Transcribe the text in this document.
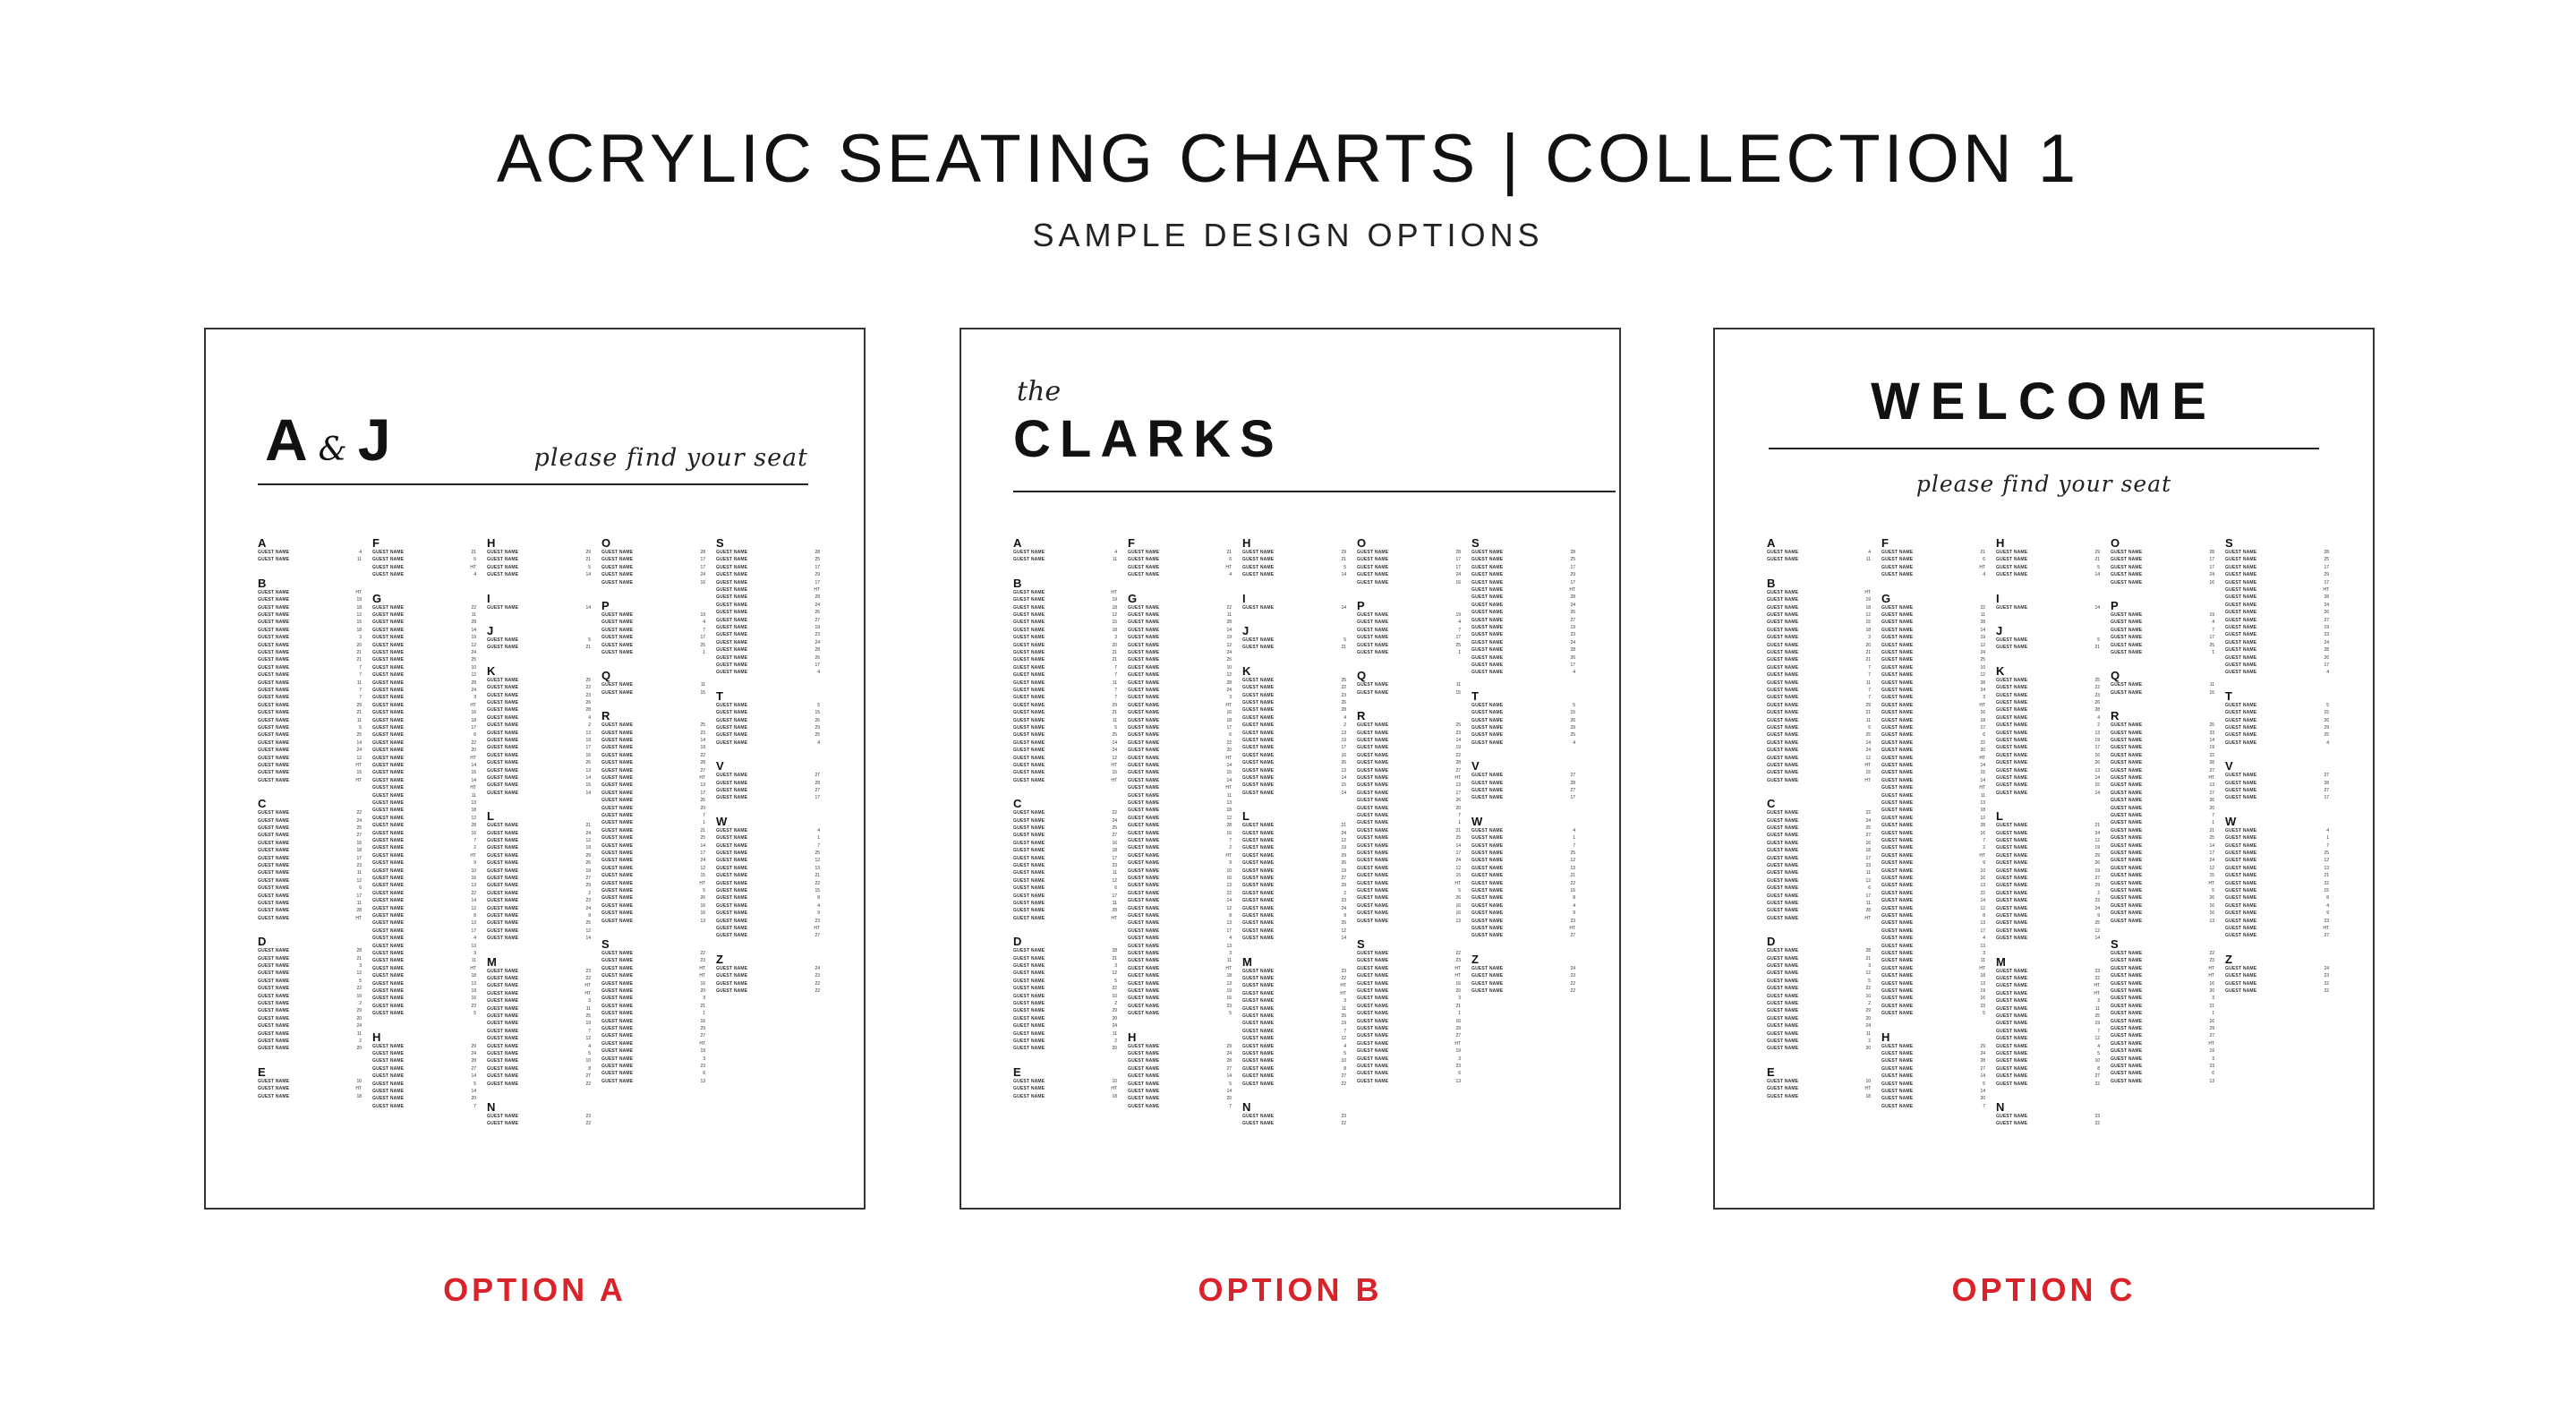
ACRYLIC SEATING CHARTS | COLLECTION 1
SAMPLE DESIGN OPTIONS
A & J	please find your seat
A
GUEST NAME	4
GUEST NAME	11
B
GUEST NAME	HT
GUEST NAME	19
GUEST NAME	18
GUEST NAME	12
GUEST NAME	15
GUEST NAME	18
GUEST NAME	3
GUEST NAME	20
GUEST NAME	21
GUEST NAME	21
GUEST NAME	7
GUEST NAME	7
GUEST NAME	11
GUEST NAME	7
GUEST NAME	7
GUEST NAME	29
GUEST NAME	21
GUEST NAME	11
GUEST NAME	5
GUEST NAME	25
GUEST NAME	14
GUEST NAME	24
GUEST NAME	12
GUEST NAME	HT
GUEST NAME	15
GUEST NAME	HT
C
GUEST NAME	22
GUEST NAME	24
GUEST NAME	25
GUEST NAME	27
GUEST NAME	16
GUEST NAME	18
GUEST NAME	17
GUEST NAME	23
GUEST NAME	11
GUEST NAME	12
GUEST NAME	6
GUEST NAME	17
GUEST NAME	11
GUEST NAME	28
GUEST NAME	HT
D
GUEST NAME	28
GUEST NAME	21
GUEST NAME	3
GUEST NAME	12
GUEST NAME	5
GUEST NAME	22
GUEST NAME	10
GUEST NAME	2
GUEST NAME	29
GUEST NAME	20
GUEST NAME	24
GUEST NAME	11
GUEST NAME	2
GUEST NAME	20
E
GUEST NAME	10
GUEST NAME	HT
GUEST NAME	18
F
GUEST NAME	21
GUEST NAME	6
GUEST NAME	HT
GUEST NAME	4
G
GUEST NAME	22
GUEST NAME	11
GUEST NAME	28
GUEST NAME	14
GUEST NAME	19
GUEST NAME	12
GUEST NAME	24
GUEST NAME	25
GUEST NAME	10
GUEST NAME	12
GUEST NAME	28
GUEST NAME	24
GUEST NAME	3
GUEST NAME	HT
GUEST NAME	16
GUEST NAME	18
GUEST NAME	17
GUEST NAME	6
GUEST NAME	22
GUEST NAME	20
GUEST NAME	HT
GUEST NAME	14
GUEST NAME	15
GUEST NAME	14
GUEST NAME	HT
GUEST NAME	11
GUEST NAME	13
GUEST NAME	18
GUEST NAME	12
GUEST NAME	28
GUEST NAME	16
GUEST NAME	7
GUEST NAME	2
GUEST NAME	HT
GUEST NAME	9
GUEST NAME	10
GUEST NAME	16
GUEST NAME	13
GUEST NAME	22
GUEST NAME	14
GUEST NAME	12
GUEST NAME	8
GUEST NAME	13
GUEST NAME	17
GUEST NAME	4
GUEST NAME	13
GUEST NAME	3
GUEST NAME	11
GUEST NAME	HT
GUEST NAME	18
GUEST NAME	13
GUEST NAME	19
GUEST NAME	16
GUEST NAME	23
GUEST NAME	5
H
GUEST NAME	29
GUEST NAME	24
GUEST NAME	28
GUEST NAME	27
GUEST NAME	14
GUEST NAME	5
GUEST NAME	14
GUEST NAME	20
GUEST NAME	7
H
GUEST NAME	29
GUEST NAME	21
GUEST NAME	5
GUEST NAME	14
I
GUEST NAME	14
J
GUEST NAME	5
GUEST NAME	21
K
GUEST NAME	25
GUEST NAME	22
GUEST NAME	23
GUEST NAME	26
GUEST NAME	28
GUEST NAME	4
GUEST NAME	2
GUEST NAME	13
GUEST NAME	19
GUEST NAME	17
GUEST NAME	16
GUEST NAME	26
GUEST NAME	13
GUEST NAME	14
GUEST NAME	15
GUEST NAME	14
L
GUEST NAME	21
GUEST NAME	24
GUEST NAME	12
GUEST NAME	19
GUEST NAME	29
GUEST NAME	26
GUEST NAME	19
GUEST NAME	27
GUEST NAME	29
GUEST NAME	2
GUEST NAME	23
GUEST NAME	24
GUEST NAME	9
GUEST NAME	25
GUEST NAME	12
GUEST NAME	14
M
GUEST NAME	23
GUEST NAME	22
GUEST NAME	HT
GUEST NAME	HT
GUEST NAME	3
GUEST NAME	11
GUEST NAME	25
GUEST NAME	19
GUEST NAME	7
GUEST NAME	12
GUEST NAME	4
GUEST NAME	5
GUEST NAME	10
GUEST NAME	8
GUEST NAME	27
GUEST NAME	22
N
GUEST NAME	23
GUEST NAME	22
O
GUEST NAME	28
GUEST NAME	17
GUEST NAME	17
GUEST NAME	24
GUEST NAME	16
P
GUEST NAME	19
GUEST NAME	4
GUEST NAME	7
GUEST NAME	17
GUEST NAME	25
GUEST NAME	1
Q
GUEST NAME	11
GUEST NAME	15
R
GUEST NAME	25
GUEST NAME	23
GUEST NAME	14
GUEST NAME	19
GUEST NAME	22
GUEST NAME	28
GUEST NAME	27
GUEST NAME	HT
GUEST NAME	13
GUEST NAME	17
GUEST NAME	26
GUEST NAME	20
GUEST NAME	7
GUEST NAME	1
GUEST NAME	21
GUEST NAME	25
GUEST NAME	14
GUEST NAME	17
GUEST NAME	24
GUEST NAME	12
GUEST NAME	15
GUEST NAME	HT
GUEST NAME	5
GUEST NAME	26
GUEST NAME	16
GUEST NAME	16
GUEST NAME	13
S
GUEST NAME	22
GUEST NAME	23
GUEST NAME	HT
GUEST NAME	HT
GUEST NAME	16
GUEST NAME	20
GUEST NAME	3
GUEST NAME	21
GUEST NAME	1
GUEST NAME	16
GUEST NAME	29
GUEST NAME	27
GUEST NAME	HT
GUEST NAME	19
GUEST NAME	3
GUEST NAME	23
GUEST NAME	6
GUEST NAME	13
S
GUEST NAME	28
GUEST NAME	25
GUEST NAME	17
GUEST NAME	29
GUEST NAME	17
GUEST NAME	HT
GUEST NAME	28
GUEST NAME	24
GUEST NAME	26
GUEST NAME	27
GUEST NAME	19
GUEST NAME	23
GUEST NAME	24
GUEST NAME	28
GUEST NAME	26
GUEST NAME	17
GUEST NAME	4
T
GUEST NAME	5
GUEST NAME	15
GUEST NAME	26
GUEST NAME	29
GUEST NAME	25
GUEST NAME	4
V
GUEST NAME	27
GUEST NAME	28
GUEST NAME	27
GUEST NAME	17
W
GUEST NAME	4
GUEST NAME	1
GUEST NAME	7
GUEST NAME	25
GUEST NAME	12
GUEST NAME	13
GUEST NAME	21
GUEST NAME	22
GUEST NAME	15
GUEST NAME	8
GUEST NAME	4
GUEST NAME	9
GUEST NAME	23
GUEST NAME	HT
GUEST NAME	27
Z
GUEST NAME	24
GUEST NAME	23
GUEST NAME	22
GUEST NAME	22
the
CLARKS
A
GUEST NAME	4
GUEST NAME	11
B
GUEST NAME	HT
GUEST NAME	19
GUEST NAME	18
GUEST NAME	12
GUEST NAME	15
GUEST NAME	18
GUEST NAME	3
GUEST NAME	20
GUEST NAME	21
GUEST NAME	21
GUEST NAME	7
GUEST NAME	7
GUEST NAME	11
GUEST NAME	7
GUEST NAME	7
GUEST NAME	29
GUEST NAME	21
GUEST NAME	11
GUEST NAME	5
GUEST NAME	25
GUEST NAME	14
GUEST NAME	24
GUEST NAME	12
GUEST NAME	HT
GUEST NAME	15
GUEST NAME	HT
C
GUEST NAME	22
GUEST NAME	24
GUEST NAME	25
GUEST NAME	27
GUEST NAME	16
GUEST NAME	18
GUEST NAME	17
GUEST NAME	23
GUEST NAME	11
GUEST NAME	12
GUEST NAME	6
GUEST NAME	17
GUEST NAME	11
GUEST NAME	28
GUEST NAME	HT
D
GUEST NAME	28
GUEST NAME	21
GUEST NAME	3
GUEST NAME	12
GUEST NAME	5
GUEST NAME	22
GUEST NAME	10
GUEST NAME	2
GUEST NAME	29
GUEST NAME	20
GUEST NAME	24
GUEST NAME	11
GUEST NAME	2
GUEST NAME	20
E
GUEST NAME	10
GUEST NAME	HT
GUEST NAME	18
F
GUEST NAME	21
GUEST NAME	6
GUEST NAME	HT
GUEST NAME	4
G
GUEST NAME	22
GUEST NAME	11
GUEST NAME	28
GUEST NAME	14
GUEST NAME	19
GUEST NAME	12
GUEST NAME	24
GUEST NAME	25
GUEST NAME	10
GUEST NAME	12
GUEST NAME	28
GUEST NAME	24
GUEST NAME	3
GUEST NAME	HT
GUEST NAME	16
GUEST NAME	18
GUEST NAME	17
GUEST NAME	6
GUEST NAME	22
GUEST NAME	20
GUEST NAME	HT
GUEST NAME	14
GUEST NAME	15
GUEST NAME	14
GUEST NAME	HT
GUEST NAME	11
GUEST NAME	13
GUEST NAME	18
GUEST NAME	12
GUEST NAME	28
GUEST NAME	16
GUEST NAME	7
GUEST NAME	2
GUEST NAME	HT
GUEST NAME	9
GUEST NAME	10
GUEST NAME	16
GUEST NAME	13
GUEST NAME	22
GUEST NAME	14
GUEST NAME	12
GUEST NAME	8
GUEST NAME	13
GUEST NAME	17
GUEST NAME	4
GUEST NAME	13
GUEST NAME	3
GUEST NAME	11
GUEST NAME	HT
GUEST NAME	18
GUEST NAME	13
GUEST NAME	19
GUEST NAME	16
GUEST NAME	23
GUEST NAME	5
H
GUEST NAME	29
GUEST NAME	24
GUEST NAME	28
GUEST NAME	27
GUEST NAME	14
GUEST NAME	5
GUEST NAME	14
GUEST NAME	20
GUEST NAME	7
H
GUEST NAME	29
GUEST NAME	21
GUEST NAME	5
GUEST NAME	14
I
GUEST NAME	14
J
GUEST NAME	5
GUEST NAME	21
K
GUEST NAME	25
GUEST NAME	22
GUEST NAME	23
GUEST NAME	26
GUEST NAME	28
GUEST NAME	4
GUEST NAME	2
GUEST NAME	13
GUEST NAME	19
GUEST NAME	17
GUEST NAME	16
GUEST NAME	26
GUEST NAME	13
GUEST NAME	14
GUEST NAME	15
GUEST NAME	14
L
GUEST NAME	21
GUEST NAME	24
GUEST NAME	12
GUEST NAME	19
GUEST NAME	29
GUEST NAME	26
GUEST NAME	19
GUEST NAME	27
GUEST NAME	29
GUEST NAME	2
GUEST NAME	23
GUEST NAME	24
GUEST NAME	9
GUEST NAME	25
GUEST NAME	12
GUEST NAME	14
M
GUEST NAME	23
GUEST NAME	22
GUEST NAME	HT
GUEST NAME	HT
GUEST NAME	3
GUEST NAME	11
GUEST NAME	25
GUEST NAME	19
GUEST NAME	7
GUEST NAME	12
GUEST NAME	4
GUEST NAME	5
GUEST NAME	10
GUEST NAME	8
GUEST NAME	27
GUEST NAME	22
N
GUEST NAME	23
GUEST NAME	22
O
GUEST NAME	28
GUEST NAME	17
GUEST NAME	17
GUEST NAME	24
GUEST NAME	16
P
GUEST NAME	19
GUEST NAME	4
GUEST NAME	7
GUEST NAME	17
GUEST NAME	25
GUEST NAME	1
Q
GUEST NAME	11
GUEST NAME	15
R
GUEST NAME	25
GUEST NAME	23
GUEST NAME	14
GUEST NAME	19
GUEST NAME	22
GUEST NAME	28
GUEST NAME	27
GUEST NAME	HT
GUEST NAME	13
GUEST NAME	17
GUEST NAME	26
GUEST NAME	20
GUEST NAME	7
GUEST NAME	1
GUEST NAME	21
GUEST NAME	25
GUEST NAME	14
GUEST NAME	17
GUEST NAME	24
GUEST NAME	12
GUEST NAME	15
GUEST NAME	HT
GUEST NAME	5
GUEST NAME	26
GUEST NAME	16
GUEST NAME	16
GUEST NAME	13
S
GUEST NAME	22
GUEST NAME	23
GUEST NAME	HT
GUEST NAME	HT
GUEST NAME	16
GUEST NAME	20
GUEST NAME	3
GUEST NAME	21
GUEST NAME	1
GUEST NAME	16
GUEST NAME	29
GUEST NAME	27
GUEST NAME	HT
GUEST NAME	19
GUEST NAME	3
GUEST NAME	23
GUEST NAME	6
GUEST NAME	13
S
GUEST NAME	28
GUEST NAME	25
GUEST NAME	17
GUEST NAME	29
GUEST NAME	17
GUEST NAME	HT
GUEST NAME	28
GUEST NAME	24
GUEST NAME	26
GUEST NAME	27
GUEST NAME	19
GUEST NAME	23
GUEST NAME	24
GUEST NAME	28
GUEST NAME	26
GUEST NAME	17
GUEST NAME	4
T
GUEST NAME	5
GUEST NAME	15
GUEST NAME	26
GUEST NAME	29
GUEST NAME	25
GUEST NAME	4
V
GUEST NAME	27
GUEST NAME	28
GUEST NAME	27
GUEST NAME	17
W
GUEST NAME	4
GUEST NAME	1
GUEST NAME	7
GUEST NAME	25
GUEST NAME	12
GUEST NAME	13
GUEST NAME	21
GUEST NAME	22
GUEST NAME	15
GUEST NAME	8
GUEST NAME	4
GUEST NAME	9
GUEST NAME	23
GUEST NAME	HT
GUEST NAME	27
Z
GUEST NAME	24
GUEST NAME	23
GUEST NAME	22
GUEST NAME	22
WELCOME
please find your seat
A
GUEST NAME	4
GUEST NAME	11
B
GUEST NAME	HT
GUEST NAME	19
GUEST NAME	18
GUEST NAME	12
GUEST NAME	15
GUEST NAME	18
GUEST NAME	3
GUEST NAME	20
GUEST NAME	21
GUEST NAME	21
GUEST NAME	7
GUEST NAME	7
GUEST NAME	11
GUEST NAME	7
GUEST NAME	7
GUEST NAME	29
GUEST NAME	21
GUEST NAME	11
GUEST NAME	5
GUEST NAME	25
GUEST NAME	14
GUEST NAME	24
GUEST NAME	12
GUEST NAME	HT
GUEST NAME	15
GUEST NAME	HT
C
GUEST NAME	22
GUEST NAME	24
GUEST NAME	25
GUEST NAME	27
GUEST NAME	16
GUEST NAME	18
GUEST NAME	17
GUEST NAME	23
GUEST NAME	11
GUEST NAME	12
GUEST NAME	6
GUEST NAME	17
GUEST NAME	11
GUEST NAME	28
GUEST NAME	HT
D
GUEST NAME	28
GUEST NAME	21
GUEST NAME	3
GUEST NAME	12
GUEST NAME	5
GUEST NAME	22
GUEST NAME	10
GUEST NAME	2
GUEST NAME	29
GUEST NAME	20
GUEST NAME	24
GUEST NAME	11
GUEST NAME	2
GUEST NAME	20
E
GUEST NAME	10
GUEST NAME	HT
GUEST NAME	18
F
GUEST NAME	21
GUEST NAME	6
GUEST NAME	HT
GUEST NAME	4
G
GUEST NAME	22
GUEST NAME	11
GUEST NAME	28
GUEST NAME	14
GUEST NAME	19
GUEST NAME	12
GUEST NAME	24
GUEST NAME	25
GUEST NAME	10
GUEST NAME	12
GUEST NAME	28
GUEST NAME	24
GUEST NAME	3
GUEST NAME	HT
GUEST NAME	16
GUEST NAME	18
GUEST NAME	17
GUEST NAME	6
GUEST NAME	22
GUEST NAME	20
GUEST NAME	HT
GUEST NAME	14
GUEST NAME	15
GUEST NAME	14
GUEST NAME	HT
GUEST NAME	11
GUEST NAME	13
GUEST NAME	18
GUEST NAME	12
GUEST NAME	28
GUEST NAME	16
GUEST NAME	7
GUEST NAME	2
GUEST NAME	HT
GUEST NAME	9
GUEST NAME	10
GUEST NAME	16
GUEST NAME	13
GUEST NAME	22
GUEST NAME	14
GUEST NAME	12
GUEST NAME	8
GUEST NAME	13
GUEST NAME	17
GUEST NAME	4
GUEST NAME	13
GUEST NAME	3
GUEST NAME	11
GUEST NAME	HT
GUEST NAME	18
GUEST NAME	13
GUEST NAME	19
GUEST NAME	16
GUEST NAME	23
GUEST NAME	5
H
GUEST NAME	29
GUEST NAME	24
GUEST NAME	28
GUEST NAME	27
GUEST NAME	14
GUEST NAME	5
GUEST NAME	14
GUEST NAME	20
GUEST NAME	7
H
GUEST NAME	29
GUEST NAME	21
GUEST NAME	5
GUEST NAME	14
I
GUEST NAME	14
J
GUEST NAME	5
GUEST NAME	21
K
GUEST NAME	25
GUEST NAME	22
GUEST NAME	23
GUEST NAME	26
GUEST NAME	28
GUEST NAME	4
GUEST NAME	2
GUEST NAME	13
GUEST NAME	19
GUEST NAME	17
GUEST NAME	16
GUEST NAME	26
GUEST NAME	13
GUEST NAME	14
GUEST NAME	15
GUEST NAME	14
L
GUEST NAME	21
GUEST NAME	24
GUEST NAME	12
GUEST NAME	19
GUEST NAME	29
GUEST NAME	26
GUEST NAME	19
GUEST NAME	27
GUEST NAME	29
GUEST NAME	2
GUEST NAME	23
GUEST NAME	24
GUEST NAME	9
GUEST NAME	25
GUEST NAME	12
GUEST NAME	14
M
GUEST NAME	23
GUEST NAME	22
GUEST NAME	HT
GUEST NAME	HT
GUEST NAME	3
GUEST NAME	11
GUEST NAME	25
GUEST NAME	19
GUEST NAME	7
GUEST NAME	12
GUEST NAME	4
GUEST NAME	5
GUEST NAME	10
GUEST NAME	8
GUEST NAME	27
GUEST NAME	22
N
GUEST NAME	23
GUEST NAME	22
O
GUEST NAME	28
GUEST NAME	17
GUEST NAME	17
GUEST NAME	24
GUEST NAME	16
P
GUEST NAME	19
GUEST NAME	4
GUEST NAME	7
GUEST NAME	17
GUEST NAME	25
GUEST NAME	1
Q
GUEST NAME	11
GUEST NAME	15
R
GUEST NAME	25
GUEST NAME	23
GUEST NAME	14
GUEST NAME	19
GUEST NAME	22
GUEST NAME	28
GUEST NAME	27
GUEST NAME	HT
GUEST NAME	13
GUEST NAME	17
GUEST NAME	26
GUEST NAME	20
GUEST NAME	7
GUEST NAME	1
GUEST NAME	21
GUEST NAME	25
GUEST NAME	14
GUEST NAME	17
GUEST NAME	24
GUEST NAME	12
GUEST NAME	15
GUEST NAME	HT
GUEST NAME	5
GUEST NAME	26
GUEST NAME	16
GUEST NAME	16
GUEST NAME	13
S
GUEST NAME	22
GUEST NAME	23
GUEST NAME	HT
GUEST NAME	HT
GUEST NAME	16
GUEST NAME	20
GUEST NAME	3
GUEST NAME	21
GUEST NAME	1
GUEST NAME	16
GUEST NAME	29
GUEST NAME	27
GUEST NAME	HT
GUEST NAME	19
GUEST NAME	3
GUEST NAME	23
GUEST NAME	6
GUEST NAME	13
S
GUEST NAME	28
GUEST NAME	25
GUEST NAME	17
GUEST NAME	29
GUEST NAME	17
GUEST NAME	HT
GUEST NAME	28
GUEST NAME	24
GUEST NAME	26
GUEST NAME	27
GUEST NAME	19
GUEST NAME	23
GUEST NAME	24
GUEST NAME	28
GUEST NAME	26
GUEST NAME	17
GUEST NAME	4
T
GUEST NAME	5
GUEST NAME	15
GUEST NAME	26
GUEST NAME	29
GUEST NAME	25
GUEST NAME	4
V
GUEST NAME	27
GUEST NAME	28
GUEST NAME	27
GUEST NAME	17
W
GUEST NAME	4
GUEST NAME	1
GUEST NAME	7
GUEST NAME	25
GUEST NAME	12
GUEST NAME	13
GUEST NAME	21
GUEST NAME	22
GUEST NAME	15
GUEST NAME	8
GUEST NAME	4
GUEST NAME	9
GUEST NAME	23
GUEST NAME	HT
GUEST NAME	27
Z
GUEST NAME	24
GUEST NAME	23
GUEST NAME	22
GUEST NAME	22
OPTION A	OPTION B	OPTION C
